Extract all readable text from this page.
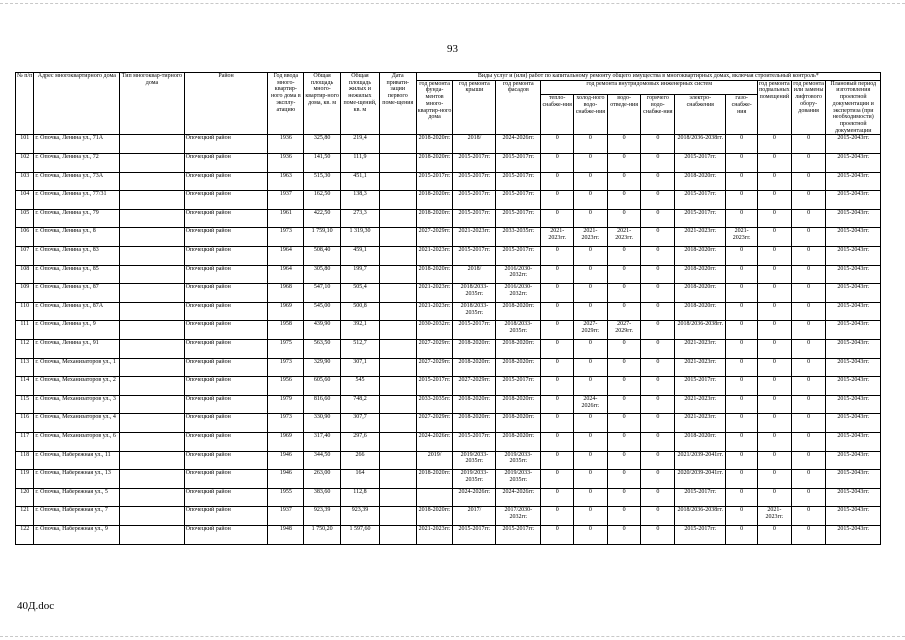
93
№ п/п	Адрес многоквартирного дома	Тип многоквар-тирного дома	Район	Год ввода много-квартир-ного дома в эксплу-атацию	Общая площадь много-квартир-ного дома, кв. м	Общая площадь жилых и нежилых поме-щений, кв. м	Дата привати-зации первого поме-щения	Виды услуг и (или) работ по капитальному ремонту общего имущества в многоквартирных домах, включая строительный контроль*											
								год ремонта фунда-ментов много-квартир-ного дома	год ремонта крыши	год ремонта фасадов	год ремонта внутридомовых инженерных систем						год ремонта подвальных помещений	год ремонта или замены лифтового обору-дования	Плановый период изготовления проектной документации и экспертиза (при необходимости) проектной документации
											тепло-снабже-ния	холод-ного водо-снабже-ния	водо-отведе-ния	горячего водо-снабже-ния	электро-снабжения	газо-снабже-ния			
101	г. Опочка, Ленина ул., 71А		Опочецкий район	1936	325,80	219,4		2018-2020гг.	2018/	2024-2026гг.	0	0	0	0	2018/2036-2038гг.	0	0	0	2015-2043гг.
102	г. Опочка, Ленина ул., 72		Опочецкий район	1936	141,50	111,9		2018-2020гг.	2015-2017гг.	2015-2017гг.	0	0	0	0	2015-2017гг.	0	0	0	2015-2043гг.
103	г. Опочка, Ленина ул., 73А		Опочецкий район	1963	515,30	451,1		2015-2017гг.	2015-2017гг.	2015-2017гг.	0	0	0	0	2018-2020гг.	0	0	0	2015-2043гг.
104	г. Опочка, Ленина ул., 77/31		Опочецкий район	1937	162,50	138,3		2018-2020гг.	2015-2017гг.	2015-2017гг.	0	0	0	0	2015-2017гг.	0	0	0	2015-2043гг.
105	г. Опочка, Ленина ул., 79		Опочецкий район	1961	422,50	273,3		2018-2020гг.	2015-2017гг.	2015-2017гг.	0	0	0	0	2015-2017гг.	0	0	0	2015-2043гг.
106	г. Опочка, Ленина ул., 8		Опочецкий район	1973	1 759,10	1 319,30		2027-2029гг.	2021-2023гг.	2033-2035гг.	2021-2023гг.	2021-2023гг.	2021-2023гг.	0	2021-2023гг.	2021-2023гг.	0	0	2015-2043гг.
107	г. Опочка, Ленина ул., 83		Опочецкий район	1964	508,40	459,1		2021-2023гг.	2015-2017гг.	2015-2017гг.	0	0	0	0	2018-2020гг.	0	0	0	2015-2043гг.
108	г. Опочка, Ленина ул., 85		Опочецкий район	1964	305,80	199,7		2018-2020гг.	2018/	2016/2030-2032гг.	0	0	0	0	2018-2020гг.	0	0	0	2015-2043гг.
109	г. Опочка, Ленина ул., 87		Опочецкий район	1968	547,10	505,4		2021-2023гг.	2018/2033-2035гг.	2016/2030-2032гг.	0	0	0	0	2018-2020гг.	0	0	0	2015-2043гг.
110	г. Опочка, Ленина ул., 87А		Опочецкий район	1969	545,00	500,8		2021-2023гг.	2018/2033-2035гг.	2018-2020гг.	0	0	0	0	2018-2020гг.	0	0	0	2015-2043гг.
111	г. Опочка, Ленина ул., 9		Опочецкий район	1958	439,90	392,1		2030-2032гг.	2015-2017гг.	2018/2033-2035гг.	0	2027-2029гг.	2027-2029гг.	0	2018/2036-2038гг.	0	0	0	2015-2043гг.
112	г. Опочка, Ленина ул., 91		Опочецкий район	1975	563,50	512,7		2027-2029гг.	2018-2020гг.	2018-2020гг.	0	0	0	0	2021-2023гг.	0	0	0	2015-2043гг.
113	г. Опочка, Механизаторов ул., 1		Опочецкий район	1973	329,90	307,1		2027-2029гг.	2018-2020гг.	2018-2020гг.	0	0	0	0	2021-2023гг.	0	0	0	2015-2043гг.
114	г. Опочка, Механизаторов ул., 2		Опочецкий район	1956	605,60	545		2015-2017гг.	2027-2029гг.	2015-2017гг.	0	0	0	0	2015-2017гг.	0	0	0	2015-2043гг.
115	г. Опочка, Механизаторов ул., 3		Опочецкий район	1979	816,60	748,2		2033-2035гг.	2018-2020гг.	2018-2020гг.	0	2024-2026гг.	0	0	2021-2023гг.	0	0	0	2015-2043гг.
116	г. Опочка, Механизаторов ул., 4		Опочецкий район	1973	330,90	307,7		2027-2029гг.	2018-2020гг.	2018-2020гг.	0	0	0	0	2021-2023гг.	0	0	0	2015-2043гг.
117	г. Опочка, Механизаторов ул., 6		Опочецкий район	1969	317,40	297,6		2024-2026гг.	2015-2017гг.	2018-2020гг.	0	0	0	0	2018-2020гг.	0	0	0	2015-2043гг.
118	г. Опочка, Набережная ул., 11		Опочецкий район	1946	344,50	266		2019/	2019/2033-2035гг.	2019/2033-2035гг.	0	0	0	0	2021/2039-2041гг.	0	0	0	2015-2043гг.
119	г. Опочка, Набережная ул., 13		Опочецкий район	1946	263,00	164		2018-2020гг.	2019/2033-2035гг.	2019/2033-2035гг.	0	0	0	0	2020/2039-2041гг.	0	0	0	2015-2043гг.
120	г. Опочка, Набережная ул., 5		Опочецкий район	1955	383,60	112,8			2024-2026гг.	2024-2026гг.	0	0	0	0	2015-2017гг.	0	0	0	2015-2043гг.
121	г. Опочка, Набережная ул., 7		Опочецкий район	1937	923,39	923,39		2018-2020гг.	2017/	2017/2030-2032гг.	0	0	0	0	2018/2036-2038гг.	0	2021-2023гг.	0	2015-2043гг.
122	г. Опочка, Набережная ул., 9		Опочецкий район	1948	1 750,20	1 597,60		2021-2023гг.	2015-2017гг.	2015-2017гг.	0	0	0	0	2015-2017гг.	0	0	0	2015-2043гг.
40Д.doc
